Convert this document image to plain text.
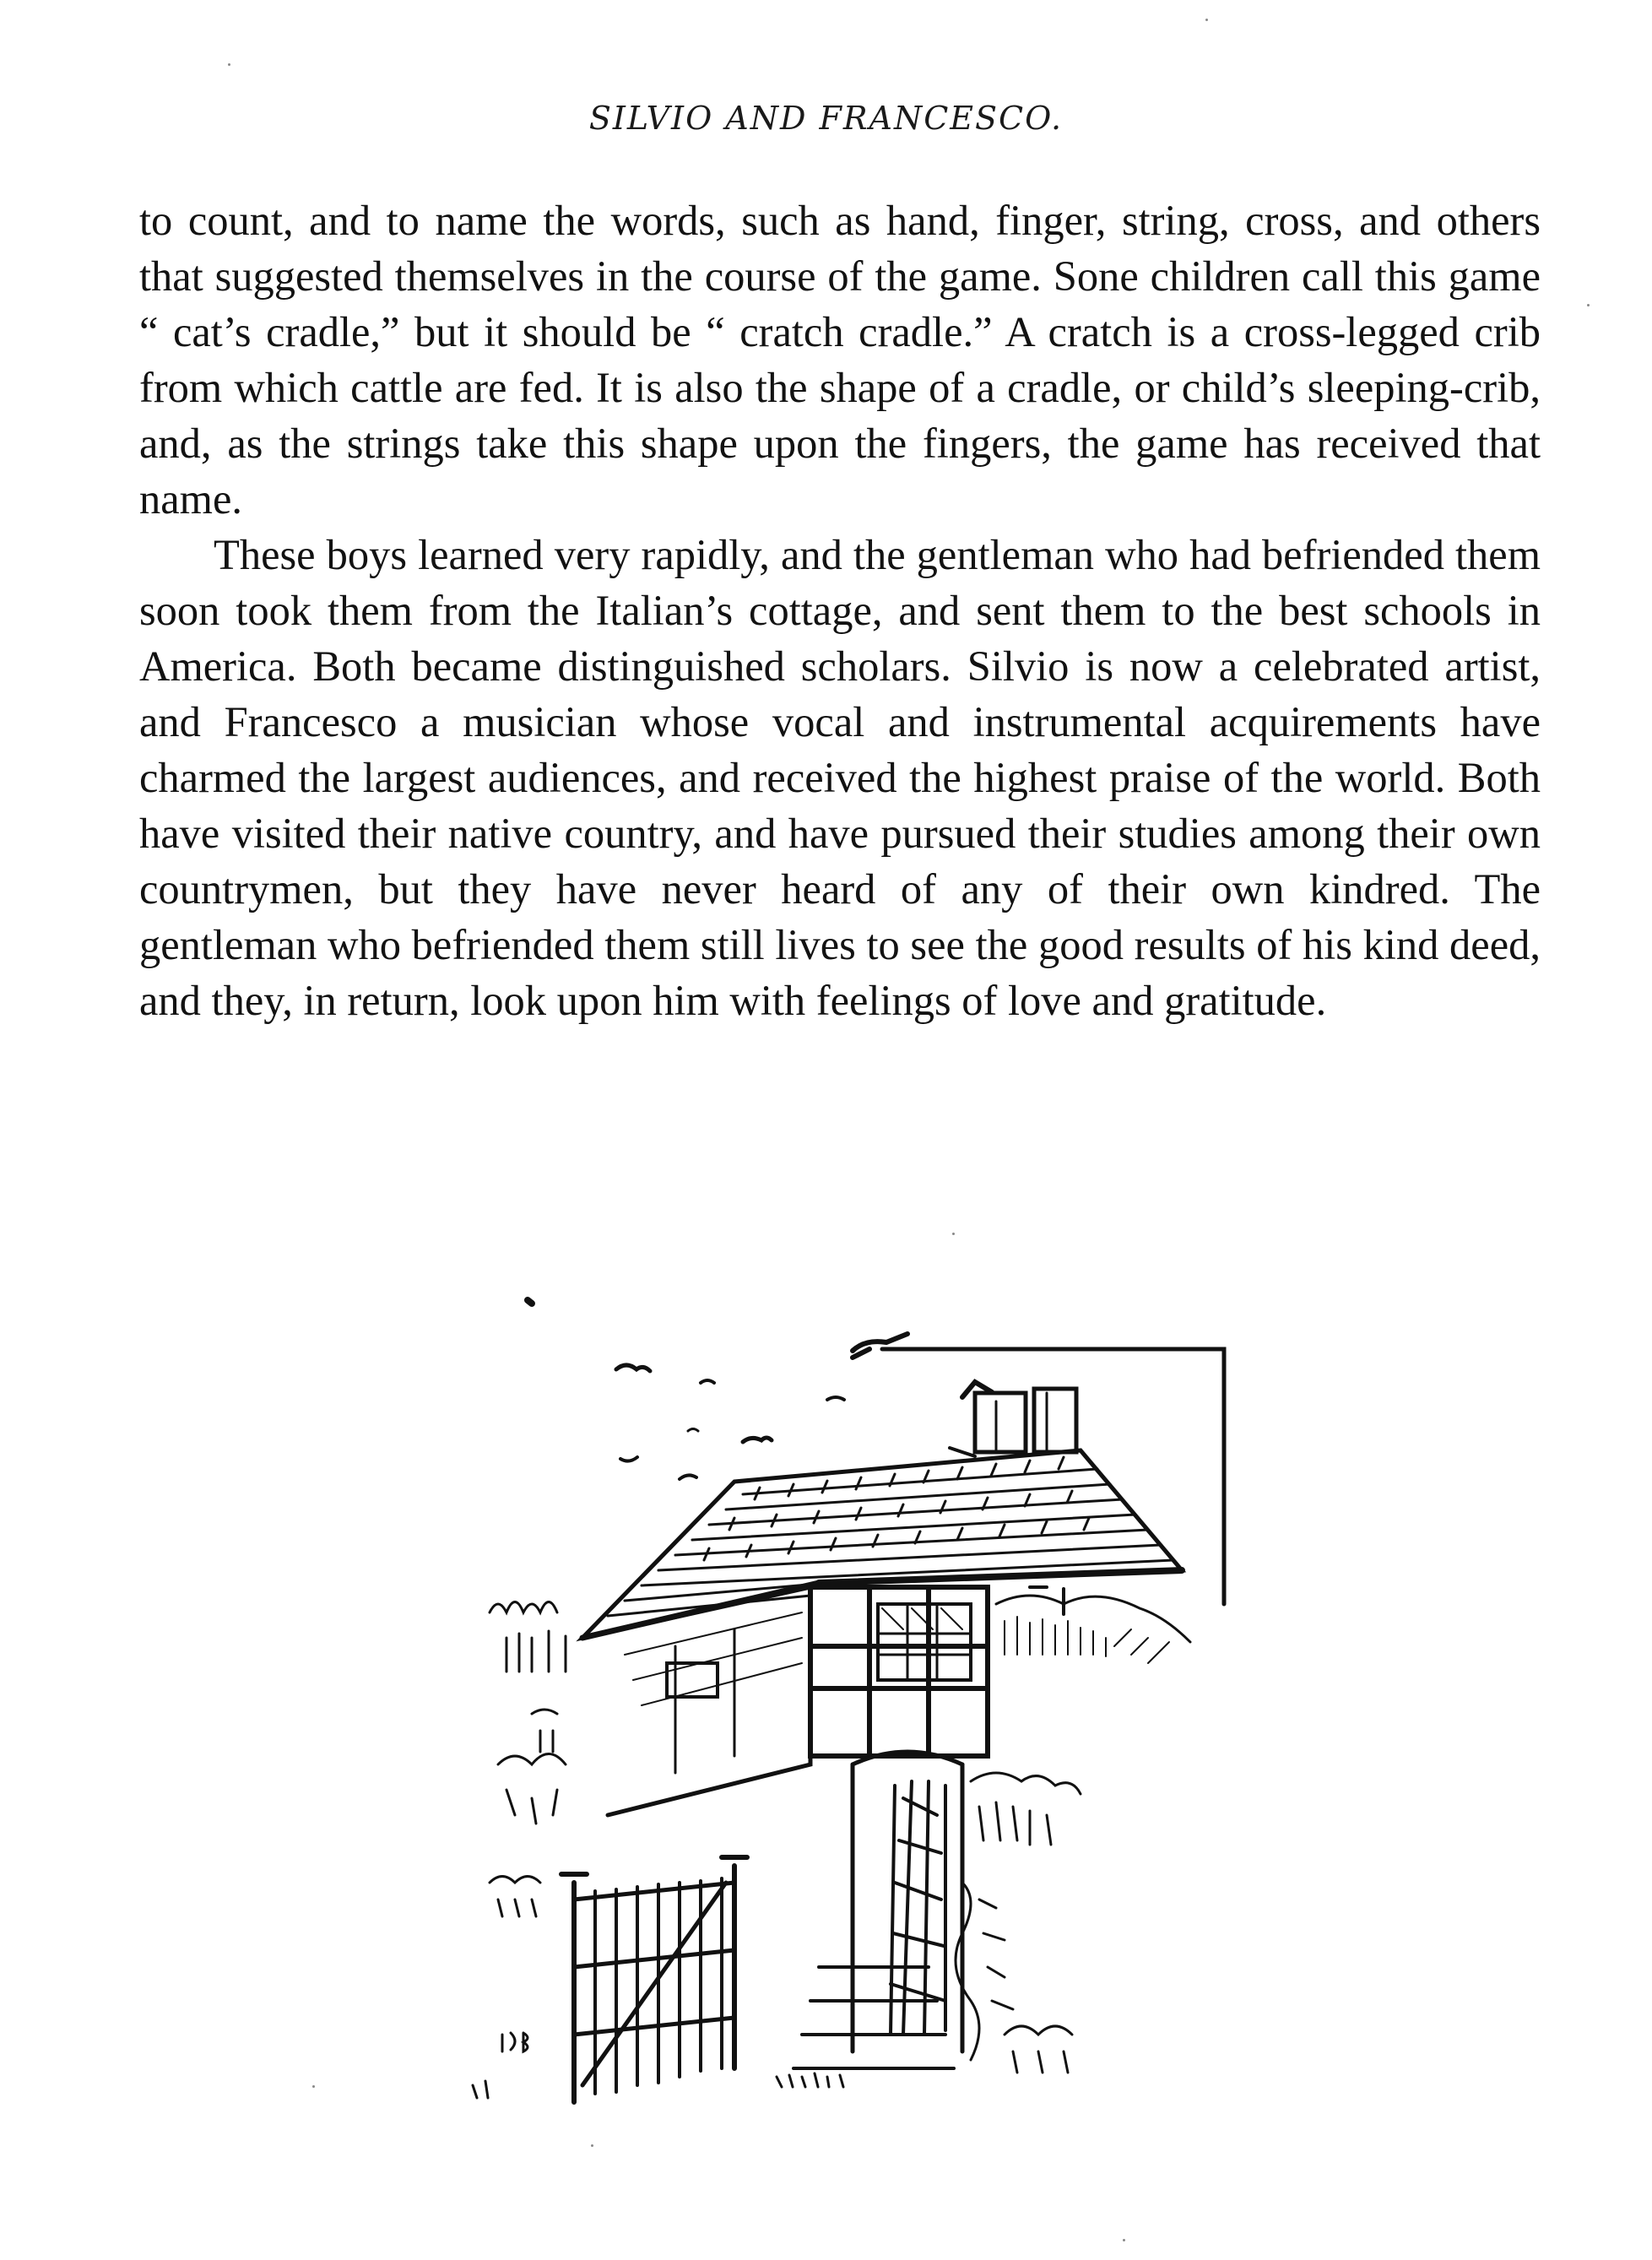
SILVIO AND FRANCESCO.

to count, and to name the words, such as hand, finger, string, cross, and others that suggested themselves in the course of the game. Sone children call this game “ cat’s cradle,” but it should be “ cratch cradle.” A cratch is a cross-legged crib from which cattle are fed. It is also the shape of a cradle, or child’s sleeping-crib, and, as the strings take this shape upon the fingers, the game has received that name.

These boys learned very rapidly, and the gentleman who had befriended them soon took them from the Italian’s cottage, and sent them to the best schools in America. Both became distinguished scholars. Silvio is now a celebrated artist, and Francesco a musician whose vocal and instrumental acquirements have charmed the largest audiences, and received the highest praise of the world. Both have visited their native country, and have pursued their studies among their own countrymen, but they have never heard of any of their own kindred. The gentleman who befriended them still lives to see the good results of his kind deed, and they, in return, look upon him with feelings of love and gratitude.
